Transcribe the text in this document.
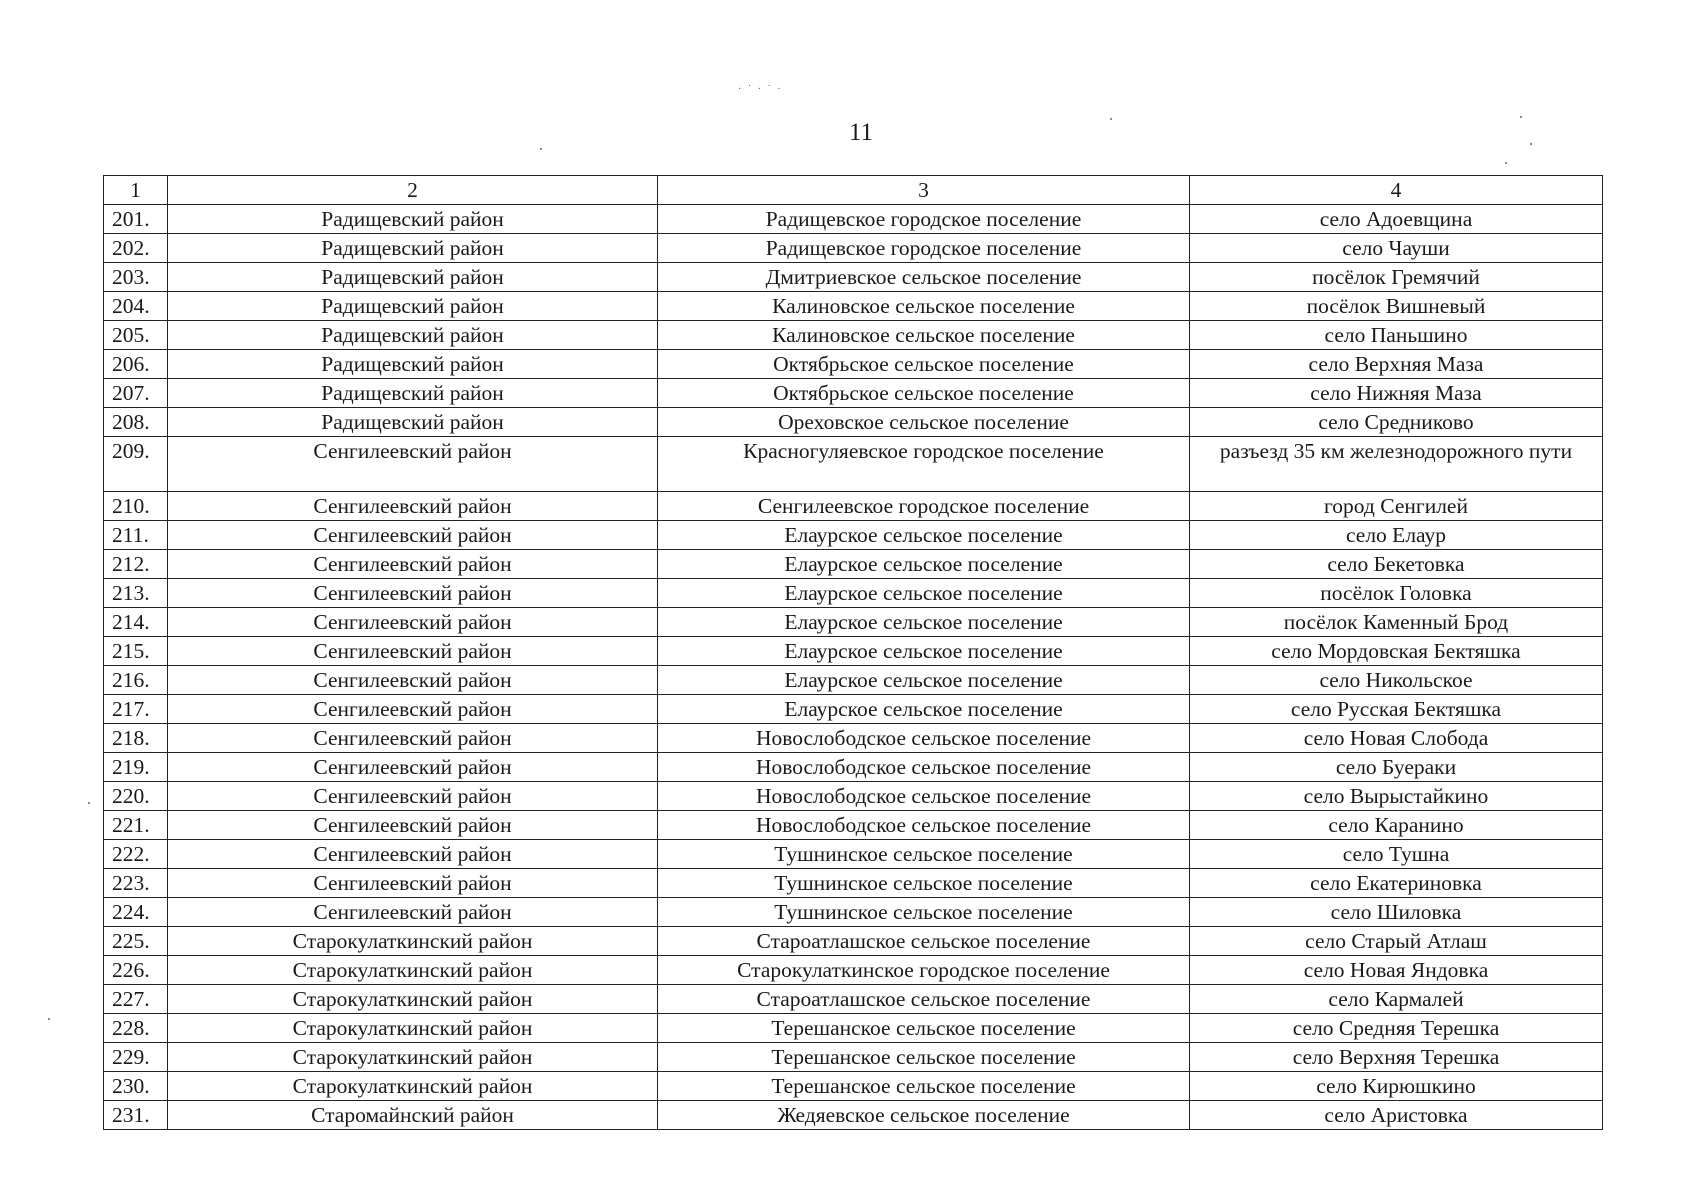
· ˙ · ˙ ·
11
1	2	3	4
201.	Радищевский район	Радищевское городское поселение	село Адоевщина
202.	Радищевский район	Радищевское городское поселение	село Чауши
203.	Радищевский район	Дмитриевское сельское поселение	посёлок Гремячий
204.	Радищевский район	Калиновское сельское поселение	посёлок Вишневый
205.	Радищевский район	Калиновское сельское поселение	село Паньшино
206.	Радищевский район	Октябрьское сельское поселение	село Верхняя Маза
207.	Радищевский район	Октябрьское сельское поселение	село Нижняя Маза
208.	Радищевский район	Ореховское сельское поселение	село Средниково
209.	Сенгилеевский район	Красногуляевское городское поселение	разъезд 35 км железнодорожного пути
210.	Сенгилеевский район	Сенгилеевское городское поселение	город Сенгилей
211.	Сенгилеевский район	Елаурское сельское поселение	село Елаур
212.	Сенгилеевский район	Елаурское сельское поселение	село Бекетовка
213.	Сенгилеевский район	Елаурское сельское поселение	посёлок Головка
214.	Сенгилеевский район	Елаурское сельское поселение	посёлок Каменный Брод
215.	Сенгилеевский район	Елаурское сельское поселение	село Мордовская Бектяшка
216.	Сенгилеевский район	Елаурское сельское поселение	село Никольское
217.	Сенгилеевский район	Елаурское сельское поселение	село Русская Бектяшка
218.	Сенгилеевский район	Новослободское сельское поселение	село Новая Слобода
219.	Сенгилеевский район	Новослободское сельское поселение	село Буераки
220.	Сенгилеевский район	Новослободское сельское поселение	село Вырыстайкино
221.	Сенгилеевский район	Новослободское сельское поселение	село Каранино
222.	Сенгилеевский район	Тушнинское сельское поселение	село Тушна
223.	Сенгилеевский район	Тушнинское сельское поселение	село Екатериновка
224.	Сенгилеевский район	Тушнинское сельское поселение	село Шиловка
225.	Старокулаткинский район	Староатлашское сельское поселение	село Старый Атлаш
226.	Старокулаткинский район	Старокулаткинское городское поселение	село Новая Яндовка
227.	Старокулаткинский район	Староатлашское сельское поселение	село Кармалей
228.	Старокулаткинский район	Терешанское сельское поселение	село Средняя Терешка
229.	Старокулаткинский район	Терешанское сельское поселение	село Верхняя Терешка
230.	Старокулаткинский район	Терешанское сельское поселение	село Кирюшкино
231.	Старомайнский район	Жедяевское сельское поселение	село Аристовка
